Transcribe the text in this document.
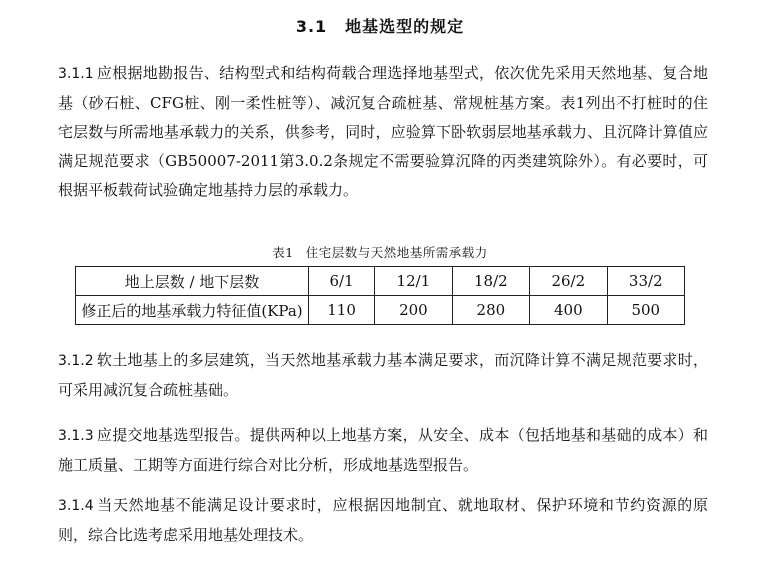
3.1 地基选型的规定
3.1.1 应根据地勘报告、结构型式和结构荷载合理选择地基型式，依次优先采用天然地基、复合地基（砂石桩、CFG桩、刚一柔性桩等）、减沉复合疏桩基、常规桩基方案。表1列出不打桩时的住宅层数与所需地基承载力的关系，供参考，同时，应验算下卧软弱层地基承载力、且沉降计算值应满足规范要求（GB50007-2011第3.0.2条规定不需要验算沉降的丙类建筑除外）。有必要时，可根据平板载荷试验确定地基持力层的承载力。
表1 住宅层数与天然地基所需承载力
地上层数 / 地下层数	6/1	12/1	18/2	26/2	33/2
修正后的地基承载力特征值(KPa)	110	200	280	400	500
3.1.2 软土地基上的多层建筑，当天然地基承载力基本满足要求，而沉降计算不满足规范要求时，可采用减沉复合疏桩基础。
3.1.3 应提交地基选型报告。提供两种以上地基方案，从安全、成本（包括地基和基础的成本）和施工质量、工期等方面进行综合对比分析，形成地基选型报告。
3.1.4 当天然地基不能满足设计要求时，应根据因地制宜、就地取材、保护环境和节约资源的原则，综合比选考虑采用地基处理技术。
